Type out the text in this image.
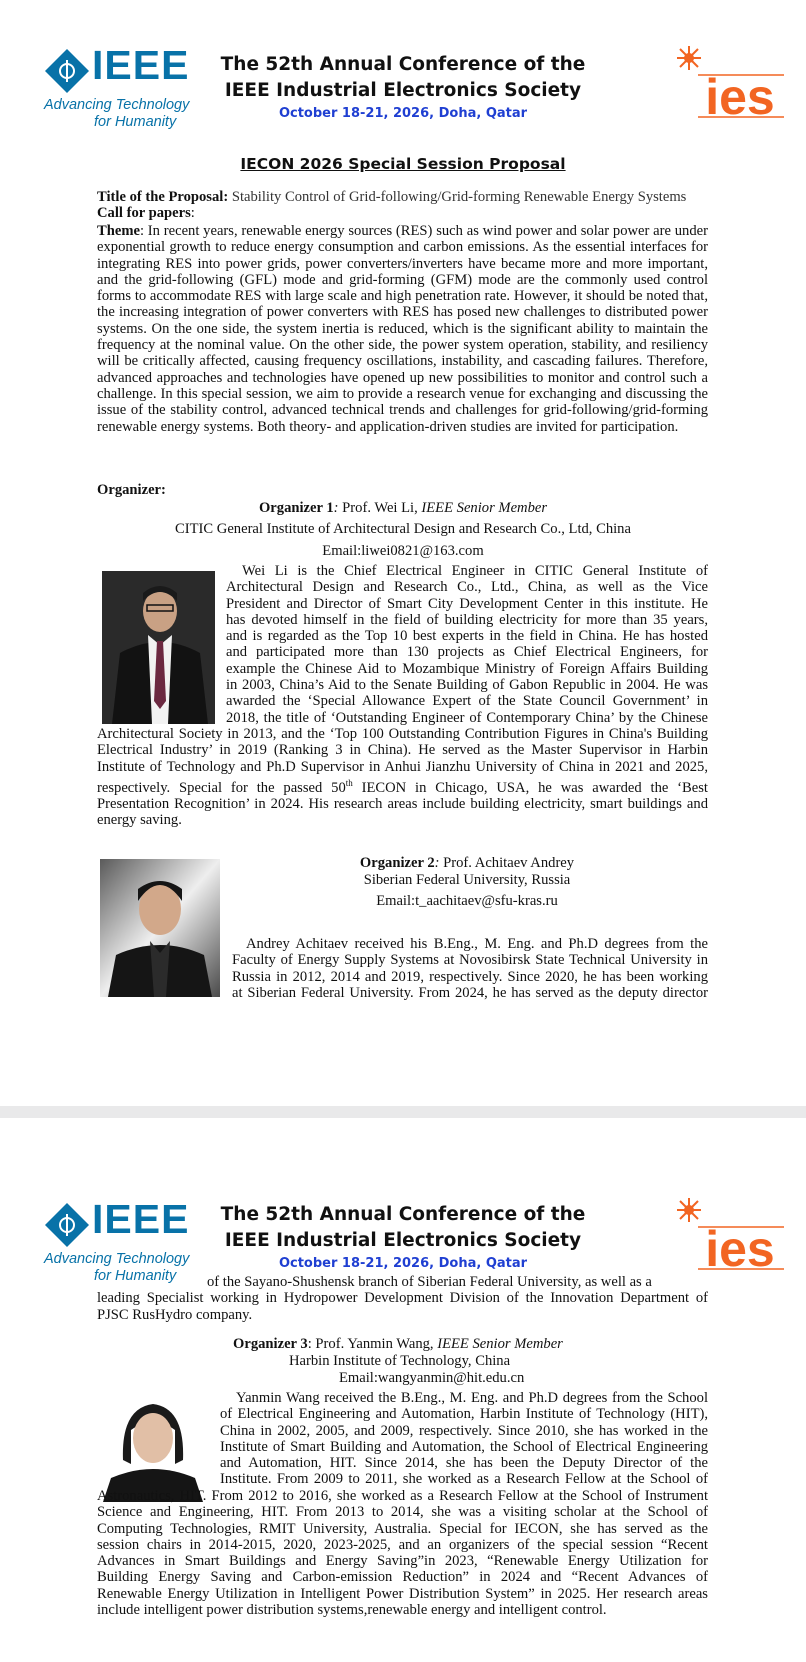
IEEE
Advancing Technology
for Humanity
The 52th Annual Conference of the
IEEE Industrial Electronics Society
October 18-21, 2026, Doha, Qatar	ies
IECON 2026 Special Session Proposal
Title of the Proposal: Stability Control of Grid-following/Grid-forming Renewable Energy Systems
Call for papers:
Theme: In recent years, renewable energy sources (RES) such as wind power and solar power are under exponential growth to reduce energy consumption and carbon emissions. As the essential interfaces for integrating RES into power grids, power converters/inverters have became more and more important, and the grid-following (GFL) mode and grid-forming (GFM) mode are the commonly used control forms to accommodate RES with large scale and high penetration rate. However, it should be noted that, the increasing integration of power converters with RES has posed new challenges to distributed power systems. On the one side, the system inertia is reduced, which is the significant ability to maintain the frequency at the nominal value. On the other side, the power system operation, stability, and resiliency will be critically affected, causing frequency oscillations, instability, and cascading failures. Therefore, advanced approaches and technologies have opened up new possibilities to monitor and control such a challenge. In this special session, we aim to provide a research venue for exchanging and discussing the issue of the stability control, advanced technical trends and challenges for grid-following/grid-forming renewable energy systems. Both theory- and application-driven studies are invited for participation.
Organizer:
Organizer 1: Prof. Wei Li, IEEE Senior Member
CITIC General Institute of Architectural Design and Research Co., Ltd, China
Email:liwei0821@163.com
Wei Li is the Chief Electrical Engineer in CITIC General Institute of
Architectural Design and Research Co., Ltd., China, as well as the Vice
President and Director of Smart City Development Center in this institute. He
has devoted himself in the field of building electricity for more than 35 years,
and is regarded as the Top 10 best experts in the field in China. He has hosted
and participated more than 130 projects as Chief Electrical Engineers, for
example the Chinese Aid to Mozambique Ministry of Foreign Affairs Building
in 2003, China’s Aid to the Senate Building of Gabon Republic in 2004. He was
awarded the ‘Special Allowance Expert of the State Council Government’ in
2018, the title of ‘Outstanding Engineer of Contemporary China’ by the Chinese
Architectural Society in 2013, and the ‘Top 100 Outstanding Contribution Figures in China's Building
Electrical Industry’ in 2019 (Ranking 3 in China). He served as the Master Supervisor in Harbin
Institute of Technology and Ph.D Supervisor in Anhui Jianzhu University of China in 2021 and 2025,
respectively. Special for the passed 50th IECON in Chicago, USA, he was awarded the ‘Best
Presentation Recognition’ in 2024. His research areas include building electricity, smart buildings and
energy saving.
Organizer 2: Prof. Achitaev Andrey
Siberian Federal University, Russia
Email:t_aachitaev@sfu-kras.ru
Andrey Achitaev received his B.Eng., M. Eng. and Ph.D degrees from the
Faculty of Energy Supply Systems at Novosibirsk State Technical University in
Russia in 2012, 2014 and 2019, respectively. Since 2020, he has been working
at Siberian Federal University. From 2024, he has served as the deputy director
IEEE
Advancing Technology
for Humanity
The 52th Annual Conference of the
IEEE Industrial Electronics Society
October 18-21, 2026, Doha, Qatar	ies
of the Sayano-Shushensk branch of Siberian Federal University, as well as a
leading Specialist working in Hydropower Development Division of the Innovation Department of
PJSC RusHydro company.
Organizer 3: Prof. Yanmin Wang, IEEE Senior Member
Harbin Institute of Technology, China
Email:wangyanmin@hit.edu.cn
Yanmin Wang received the B.Eng., M. Eng. and Ph.D degrees from the School
of Electrical Engineering and Automation, Harbin Institute of Technology (HIT),
China in 2002, 2005, and 2009, respectively. Since 2010, she has worked in the
Institute of Smart Building and Automation, the School of Electrical Engineering
and Automation, HIT. Since 2014, she has been the Deputy Director of the
Institute. From 2009 to 2011, she worked as a Research Fellow at the School of
Astronautics, HIT. From 2012 to 2016, she worked as a Research Fellow at the School of Instrument
Science and Engineering, HIT. From 2013 to 2014, she was a visiting scholar at the School of
Computing Technologies, RMIT University, Australia. Special for IECON, she has served as the
session chairs in 2014-2015, 2020, 2023-2025, and an organizers of the special session “Recent
Advances in Smart Buildings and Energy Saving”in 2023, “Renewable Energy Utilization for
Building Energy Saving and Carbon-emission Reduction” in 2024 and “Recent Advances of
Renewable Energy Utilization in Intelligent Power Distribution System” in 2025. Her research areas
include intelligent power distribution systems,renewable energy and intelligent control.
